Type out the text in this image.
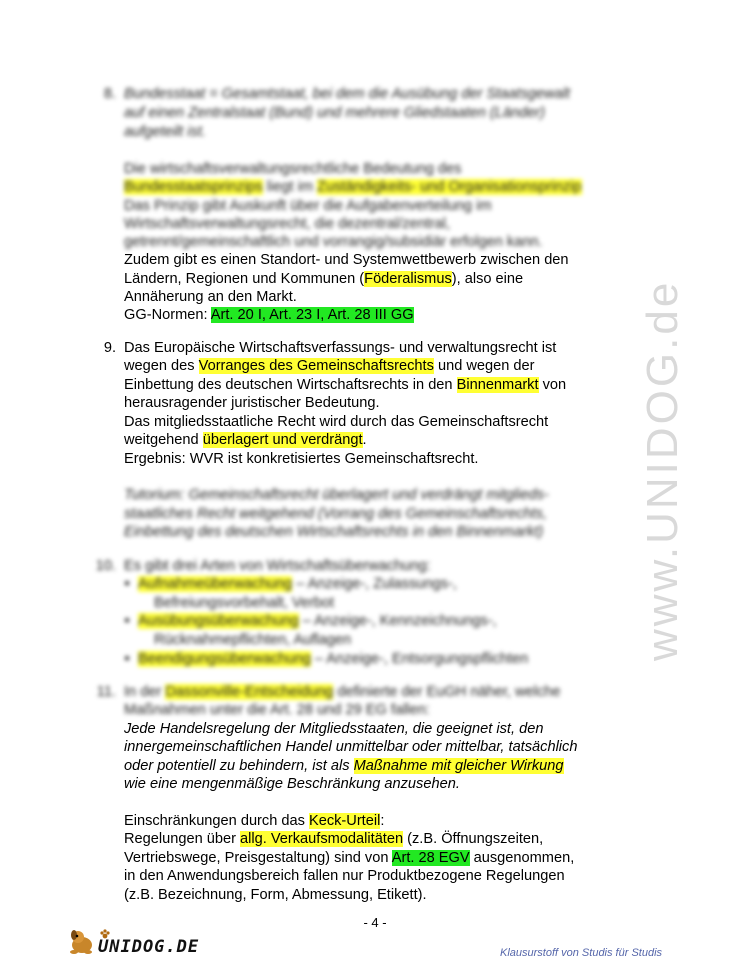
www.UNIDOG.de
8. Bundesstaat = Gesamtstaat, bei dem die Ausübung der Staatsgewalt
auf einen Zentralstaat (Bund) und mehrere Gliedstaaten (Länder)
aufgeteilt ist.
Die wirtschaftsverwaltungsrechtliche Bedeutung des
Bundesstaatsprinzips liegt im Zuständigkeits- und Organisationsprinzip
Das Prinzip gibt Auskunft über die Aufgabenverteilung im
Wirtschaftsverwaltungsrecht, die dezentral/zentral,
getrennt/gemeinschaftlich und vorrangig/subsidiär erfolgen kann.
Zudem gibt es einen Standort- und Systemwettbewerb zwischen den
Ländern, Regionen und Kommunen (Föderalismus), also eine
Annäherung an den Markt.
GG-Normen: Art. 20 I, Art. 23 I, Art. 28 III GG
9. Das Europäische Wirtschaftsverfassungs- und verwaltungsrecht ist
wegen des Vorranges des Gemeinschaftsrechts und wegen der
Einbettung des deutschen Wirtschaftsrechts in den Binnenmarkt von
herausragender juristischer Bedeutung.
Das mitgliedsstaatliche Recht wird durch das Gemeinschaftsrecht
weitgehend überlagert und verdrängt.
Ergebnis: WVR ist konkretisiertes Gemeinschaftsrecht.
Tutorium: Gemeinschaftsrecht überlagert und verdrängt mitglieds-
staatliches Recht weitgehend (Vorrang des Gemeinschaftsrechts,
Einbettung des deutschen Wirtschaftsrechts in den Binnenmarkt)
10. Es gibt drei Arten von Wirtschaftsüberwachung:
● Aufnahmeüberwachung – Anzeige-, Zulassungs-,
Befreiungsvorbehalt, Verbot
● Ausübungsüberwachung – Anzeige-, Kennzeichnungs-,
Rücknahmepflichten, Auflagen
● Beendigungsüberwachung – Anzeige-, Entsorgungspflichten
11. In der Dassonville-Entscheidung definierte der EuGH näher, welche
Maßnahmen unter die Art. 28 und 29 EG fallen:
Jede Handelsregelung der Mitgliedsstaaten, die geeignet ist, den
innergemeinschaftlichen Handel unmittelbar oder mittelbar, tatsächlich
oder potentiell zu behindern, ist als Maßnahme mit gleicher Wirkung
wie eine mengenmäßige Beschränkung anzusehen.
Einschränkungen durch das Keck-Urteil:
Regelungen über allg. Verkaufsmodalitäten (z.B. Öffnungszeiten,
Vertriebswege, Preisgestaltung) sind von Art. 28 EGV ausgenommen,
in den Anwendungsbereich fallen nur Produktbezogene Regelungen
(z.B. Bezeichnung, Form, Abmessung, Etikett).
- 4 -
UNIDOG.DE	Klausurstoff von Studis für Studis
